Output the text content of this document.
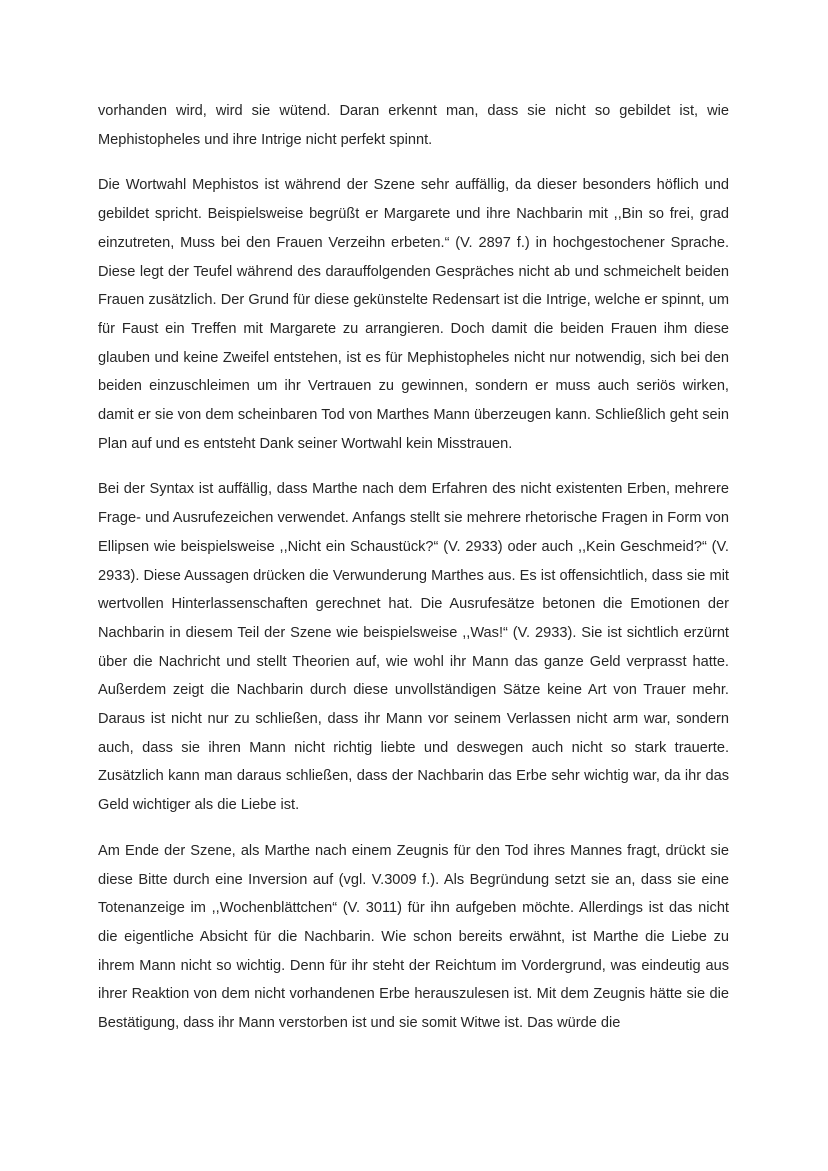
vorhanden wird, wird sie wütend. Daran erkennt man, dass sie nicht so gebildet ist, wie Mephistopheles und ihre Intrige nicht perfekt spinnt.

Die Wortwahl Mephistos ist während der Szene sehr auffällig, da dieser besonders höflich und gebildet spricht. Beispielsweise begrüßt er Margarete und ihre Nachbarin mit ,,Bin so frei, grad einzutreten, Muss bei den Frauen Verzeihn erbeten.“ (V. 2897 f.) in hochgestochener Sprache. Diese legt der Teufel während des darauffolgenden Gespräches nicht ab und schmeichelt beiden Frauen zusätzlich. Der Grund für diese gekünstelte Redensart ist die Intrige, welche er spinnt, um für Faust ein Treffen mit Margarete zu arrangieren. Doch damit die beiden Frauen ihm diese glauben und keine Zweifel entstehen, ist es für Mephistopheles nicht nur notwendig, sich bei den beiden einzuschleimen um ihr Vertrauen zu gewinnen, sondern er muss auch seriös wirken, damit er sie von dem scheinbaren Tod von Marthes Mann überzeugen kann. Schließlich geht sein Plan auf und es entsteht Dank seiner Wortwahl kein Misstrauen.

Bei der Syntax ist auffällig, dass Marthe nach dem Erfahren des nicht existenten Erben, mehrere Frage- und Ausrufezeichen verwendet. Anfangs stellt sie mehrere rhetorische Fragen in Form von Ellipsen wie beispielsweise ,,Nicht ein Schaustück?“ (V. 2933) oder auch ,,Kein Geschmeid?“ (V. 2933). Diese Aussagen drücken die Verwunderung Marthes aus. Es ist offensichtlich, dass sie mit wertvollen Hinterlassenschaften gerechnet hat. Die Ausrufesätze betonen die Emotionen der Nachbarin in diesem Teil der Szene wie beispielsweise ,,Was!“ (V. 2933). Sie ist sichtlich erzürnt über die Nachricht und stellt Theorien auf, wie wohl ihr Mann das ganze Geld verprasst hatte. Außerdem zeigt die Nachbarin durch diese unvollständigen Sätze keine Art von Trauer mehr. Daraus ist nicht nur zu schließen, dass ihr Mann vor seinem Verlassen nicht arm war, sondern auch, dass sie ihren Mann nicht richtig liebte und deswegen auch nicht so stark trauerte. Zusätzlich kann man daraus schließen, dass der Nachbarin das Erbe sehr wichtig war, da ihr das Geld wichtiger als die Liebe ist.

Am Ende der Szene, als Marthe nach einem Zeugnis für den Tod ihres Mannes fragt, drückt sie diese Bitte durch eine Inversion auf (vgl. V.3009 f.). Als Begründung setzt sie an, dass sie eine Totenanzeige im ,,Wochenblättchen“ (V. 3011) für ihn aufgeben möchte. Allerdings ist das nicht die eigentliche Absicht für die Nachbarin. Wie schon bereits erwähnt, ist Marthe die Liebe zu ihrem Mann nicht so wichtig. Denn für ihr steht der Reichtum im Vordergrund, was eindeutig aus ihrer Reaktion von dem nicht vorhandenen Erbe herauszulesen ist. Mit dem Zeugnis hätte sie die Bestätigung, dass ihr Mann verstorben ist und sie somit Witwe ist. Das würde die
